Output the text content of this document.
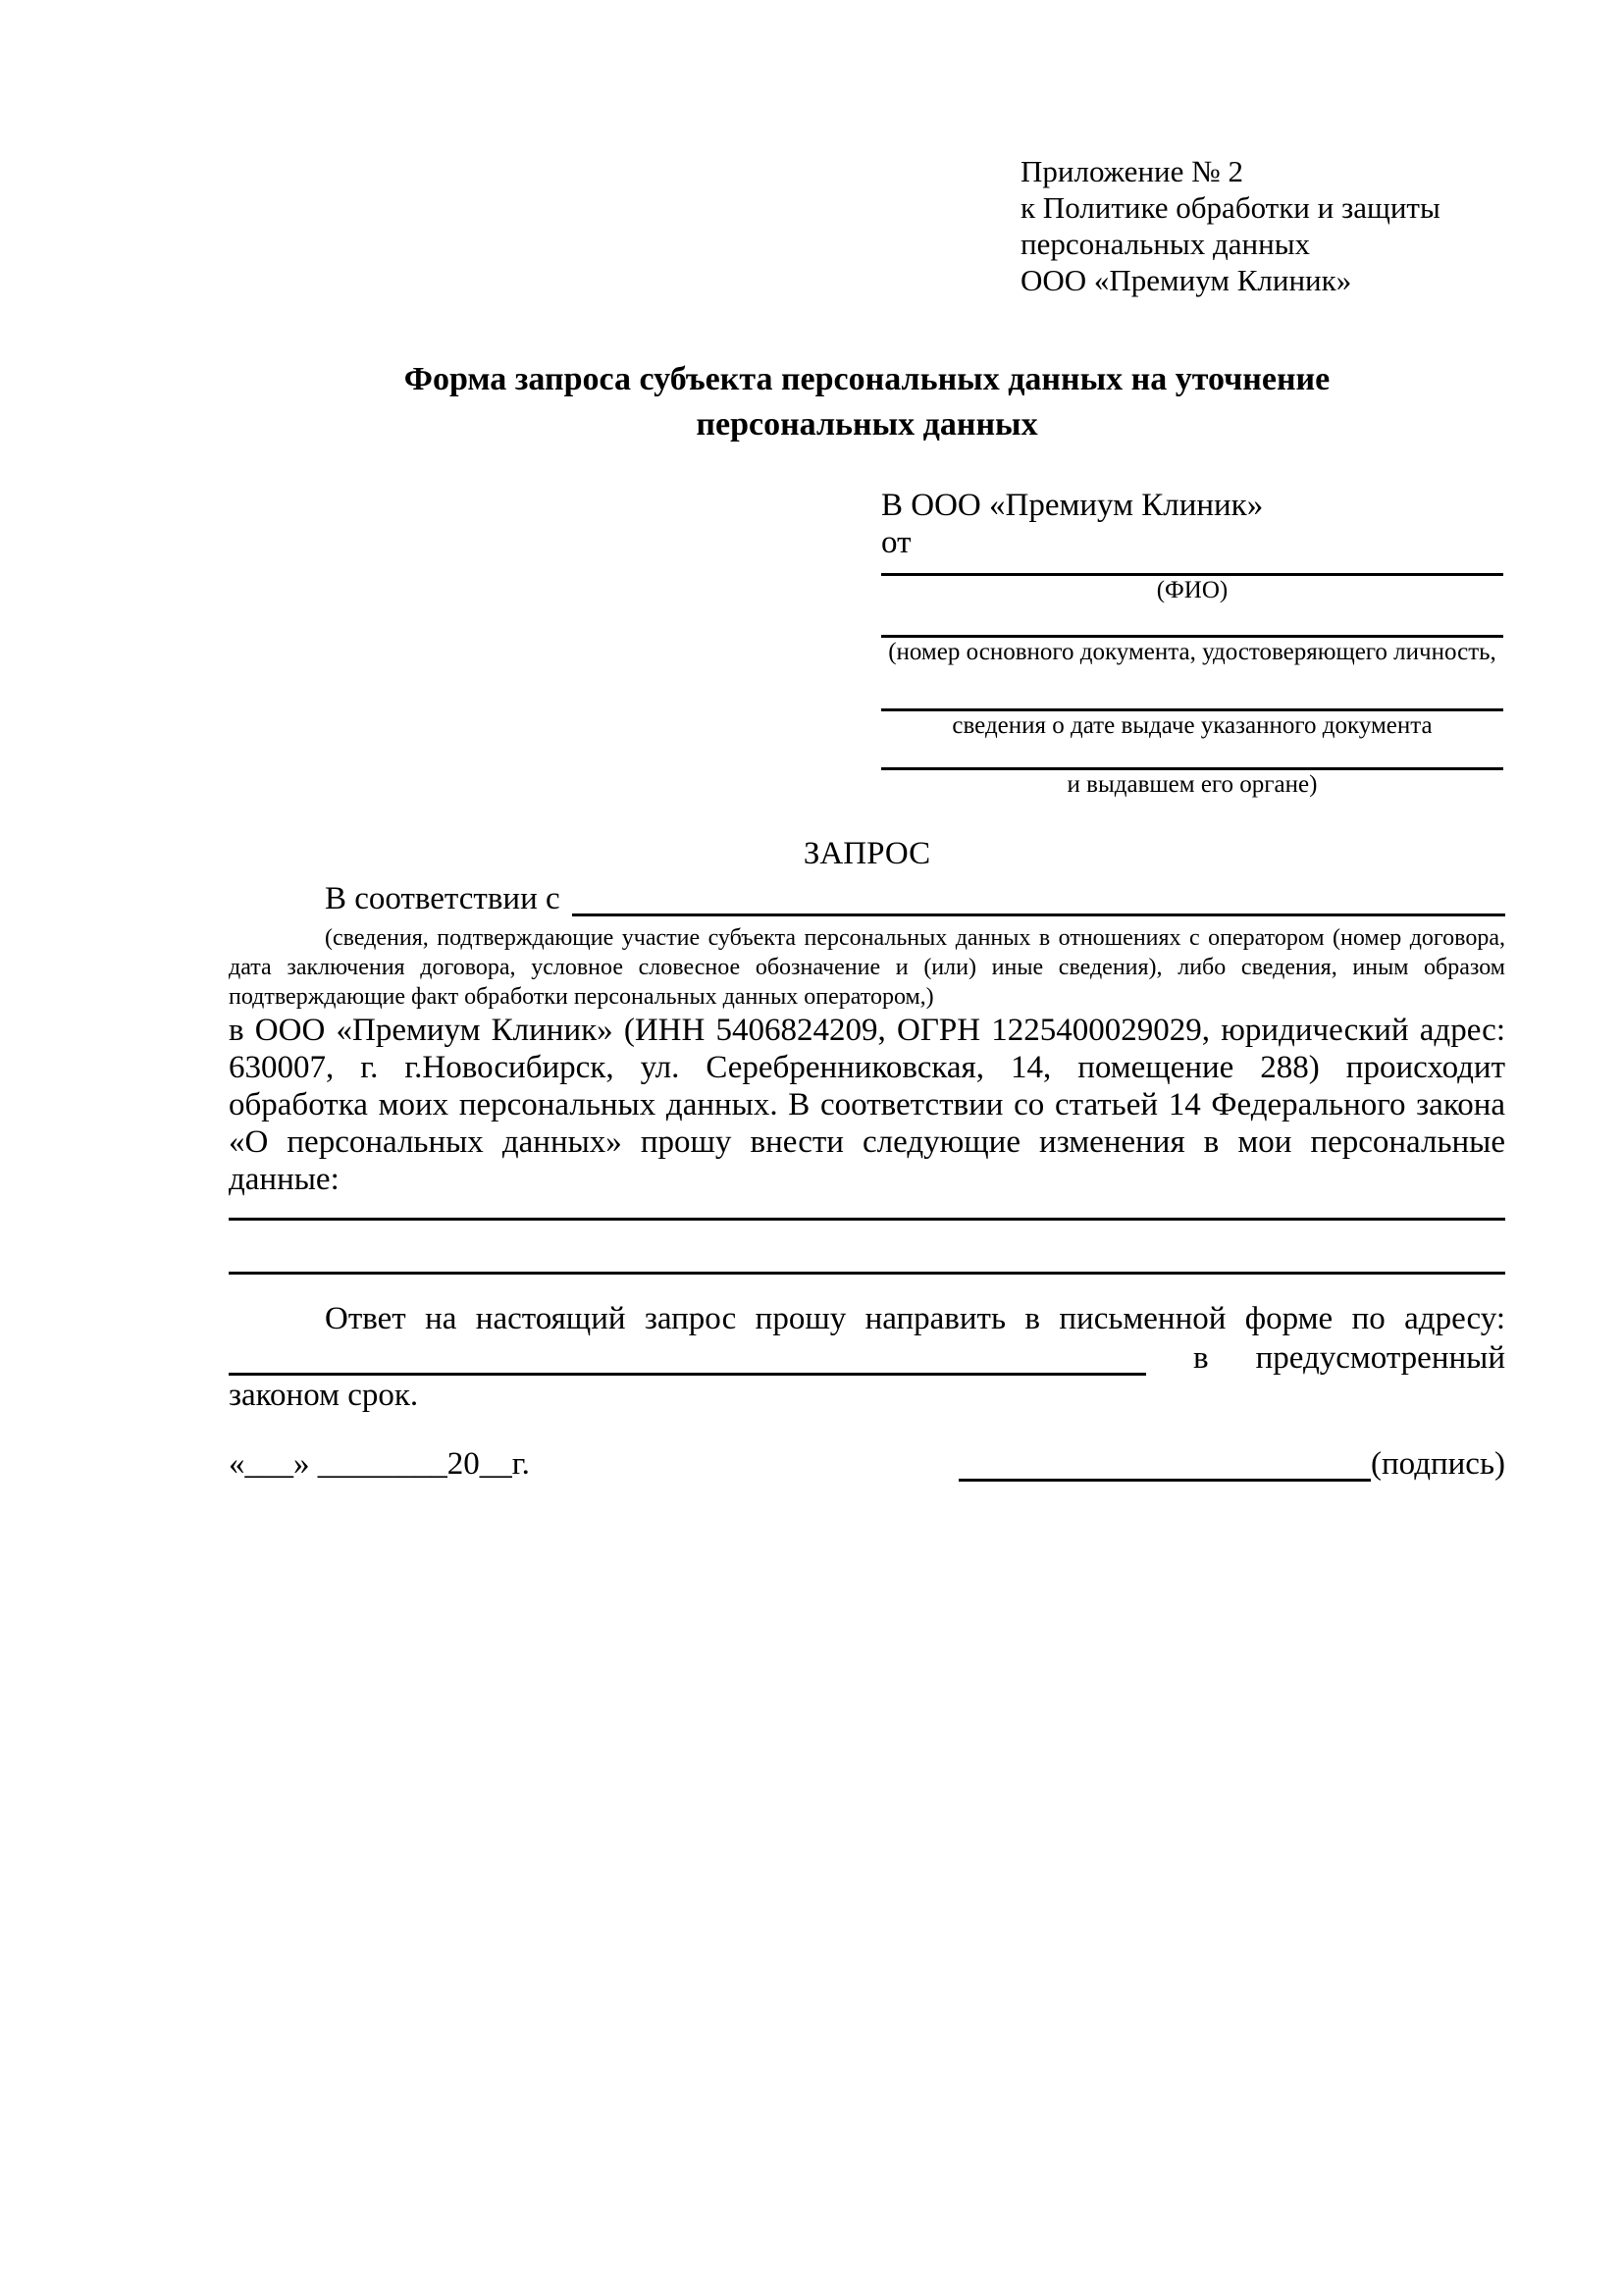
Приложение № 2
к Политике обработки и защиты
персональных данных
ООО «Премиум Клиник»
Форма запроса субъекта персональных данных на уточнение
персональных данных
В ООО «Премиум Клиник»
от
(ФИО)
(номер основного документа, удостоверяющего личность,
сведения о дате выдаче указанного документа
и выдавшем его органе)
ЗАПРОС
В соответствии с
(сведения, подтверждающие участие субъекта персональных данных в отношениях с оператором (номер договора, дата заключения договора, условное словесное обозначение и (или) иные сведения), либо сведения, иным образом подтверждающие факт обработки персональных данных оператором,)

в ООО «Премиум Клиник» (ИНН 5406824209, ОГРН 1225400029029, юридический адрес: 630007, г. г.Новосибирск, ул. Серебренниковская, 14, помещение 288) происходит обработка моих персональных данных. В соответствии со статьей 14 Федерального закона «О персональных данных» прошу внести следующие изменения в мои персональные данные:

Ответ на настоящий запрос прошу направить в письменной форме по адресу:

в предусмотренный
законом срок.
«___» ________20__г.	(подпись)
